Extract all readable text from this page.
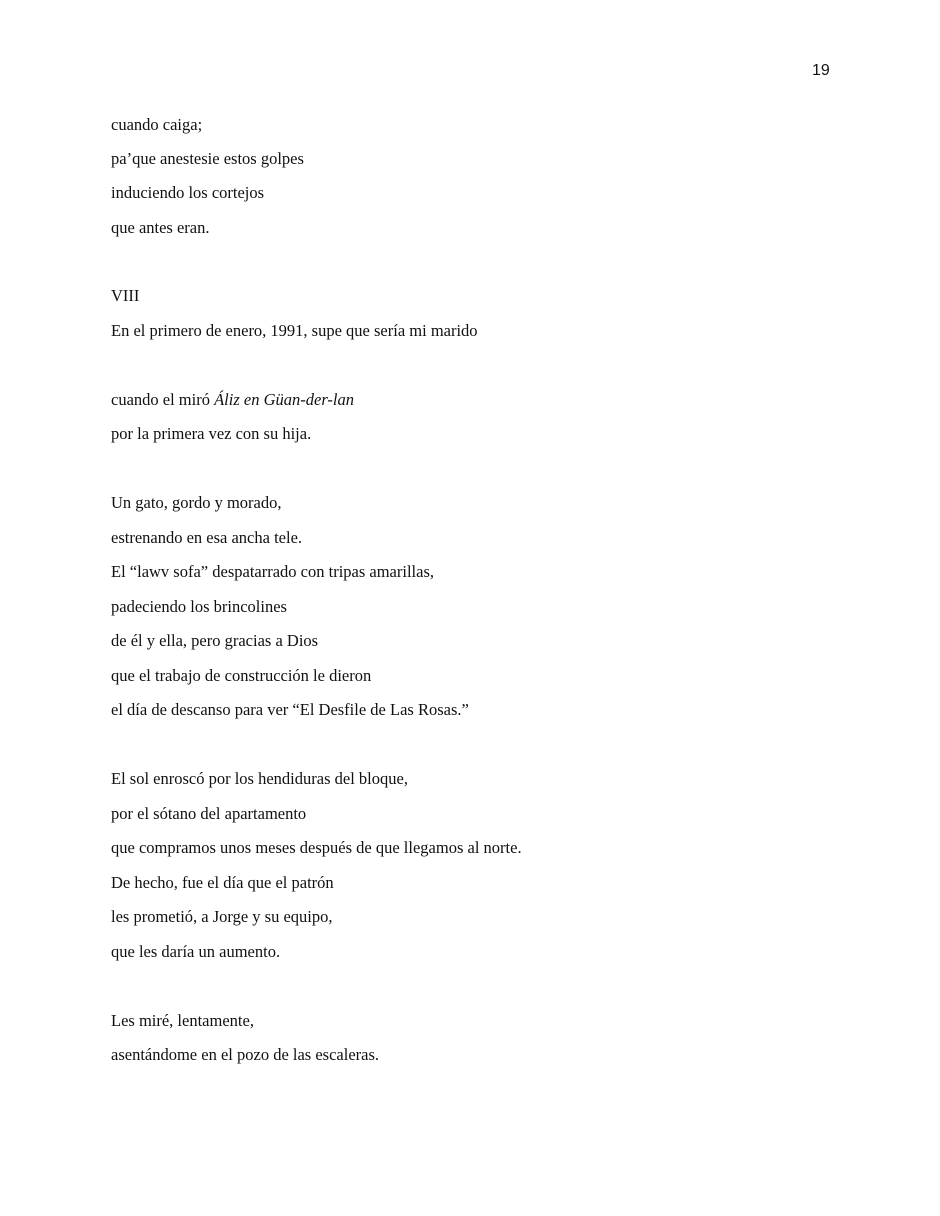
19
cuando caiga;
pa’que anestesie estos golpes
induciendo los cortejos
que antes eran.
VIII
En el primero de enero, 1991, supe que sería mi marido
cuando el miró Áliz en Güan-der-lan
por la primera vez con su hija.
Un gato, gordo y morado,
estrenando en esa ancha tele.
El “lawv sofa” despatarrado con tripas amarillas,
padeciendo los brincolines
de él y ella, pero gracias a Dios
que el trabajo de construcción le dieron
el día de descanso para ver “El Desfile de Las Rosas.”
El sol enroscó por los hendiduras del bloque,
por el sótano del apartamento
que compramos unos meses después de que llegamos al norte.
De hecho, fue el día que el patrón
les prometió, a Jorge y su equipo,
que les daría un aumento.
Les miré, lentamente,
asentándome en el pozo de las escaleras.
